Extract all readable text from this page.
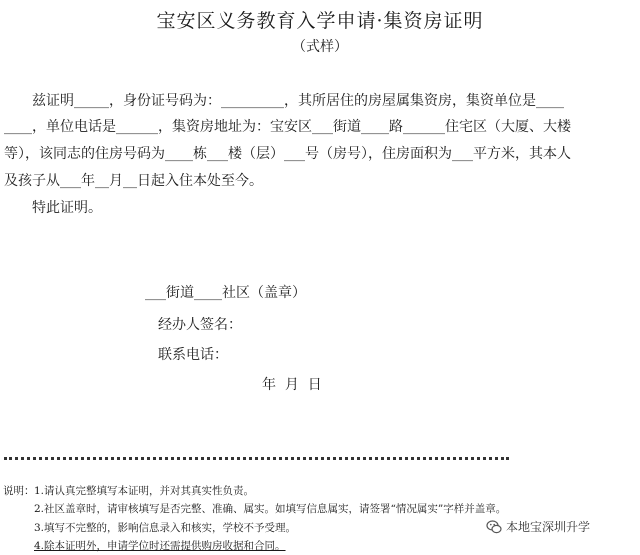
宝安区义务教育入学申请·集资房证明
（式样）
兹证明_____，身份证号码为：_________，其所居住的房屋属集资房，集资单位是____
____，单位电话是______，集资房地址为：宝安区___街道____路______住宅区（大厦、大楼
等），该同志的住房号码为____栋___楼（层）___号（房号），住房面积为___平方米，其本人
及孩子从___年__月__日起入住本处至今。
特此证明。
___街道____社区（盖章）
经办人签名：
联系电话：
年  月  日
说明： 1.请认真完整填写本证明，并对其真实性负责。
2.社区盖章时，请审核填写是否完整、准确、属实。如填写信息属实，请签署“情况属实”字样并盖章。
3.填写不完整的，影响信息录入和核实，学校不予受理。
4.除本证明外，申请学位时还需提供购房收据和合同。
本地宝深圳升学
